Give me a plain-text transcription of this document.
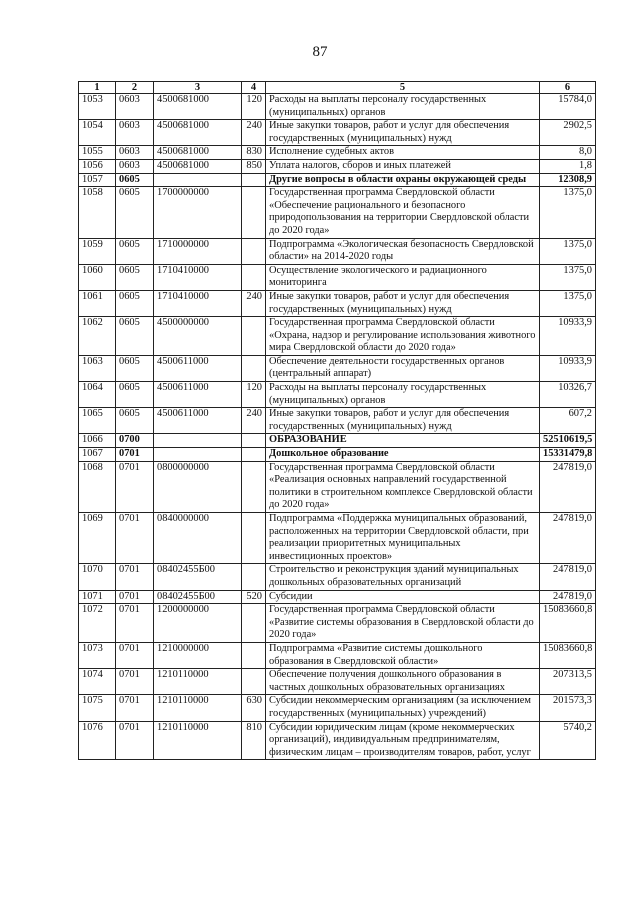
87
1	2	3	4	5	6
1053	0603	4500681000	120	Расходы на выплаты персоналу государственных (муниципальных) органов	15784,0
1054	0603	4500681000	240	Иные закупки товаров, работ и услуг для обеспечения государственных (муниципальных) нужд	2902,5
1055	0603	4500681000	830	Исполнение судебных актов	8,0
1056	0603	4500681000	850	Уплата налогов, сборов и иных платежей	1,8
1057	0605			Другие вопросы в области охраны окружающей среды	12308,9
1058	0605	1700000000		Государственная программа Свердловской области «Обеспечение рационального и безопасного природопользования на территории Свердловской области до 2020 года»	1375,0
1059	0605	1710000000		Подпрограмма «Экологическая безопасность Свердловской области» на 2014-2020 годы	1375,0
1060	0605	1710410000		Осуществление экологического и радиационного мониторинга	1375,0
1061	0605	1710410000	240	Иные закупки товаров, работ и услуг для обеспечения государственных (муниципальных) нужд	1375,0
1062	0605	4500000000		Государственная программа Свердловской области «Охрана, надзор и регулирование использования животного мира Свердловской области до 2020 года»	10933,9
1063	0605	4500611000		Обеспечение деятельности государственных органов (центральный аппарат)	10933,9
1064	0605	4500611000	120	Расходы на выплаты персоналу государственных (муниципальных) органов	10326,7
1065	0605	4500611000	240	Иные закупки товаров, работ и услуг для обеспечения государственных (муниципальных) нужд	607,2
1066	0700			ОБРАЗОВАНИЕ	52510619,5
1067	0701			Дошкольное образование	15331479,8
1068	0701	0800000000		Государственная программа Свердловской области «Реализация основных направлений государственной политики в строительном комплексе Свердловской области до 2020 года»	247819,0
1069	0701	0840000000		Подпрограмма «Поддержка муниципальных образований, расположенных на территории Свердловской области, при реализации приоритетных муниципальных инвестиционных проектов»	247819,0
1070	0701	08402455Б00		Строительство и реконструкция зданий муниципальных дошкольных образовательных организаций	247819,0
1071	0701	08402455Б00	520	Субсидии	247819,0
1072	0701	1200000000		Государственная программа Свердловской области «Развитие системы образования в Свердловской области до 2020 года»	15083660,8
1073	0701	1210000000		Подпрограмма «Развитие системы дошкольного образования в Свердловской области»	15083660,8
1074	0701	1210110000		Обеспечение получения дошкольного образования в частных дошкольных образовательных организациях	207313,5
1075	0701	1210110000	630	Субсидии некоммерческим организациям (за исключением государственных (муниципальных) учреждений)	201573,3
1076	0701	1210110000	810	Субсидии юридическим лицам (кроме некоммерческих организаций), индивидуальным предпринимателям, физическим лицам – производителям товаров, работ, услуг	5740,2
